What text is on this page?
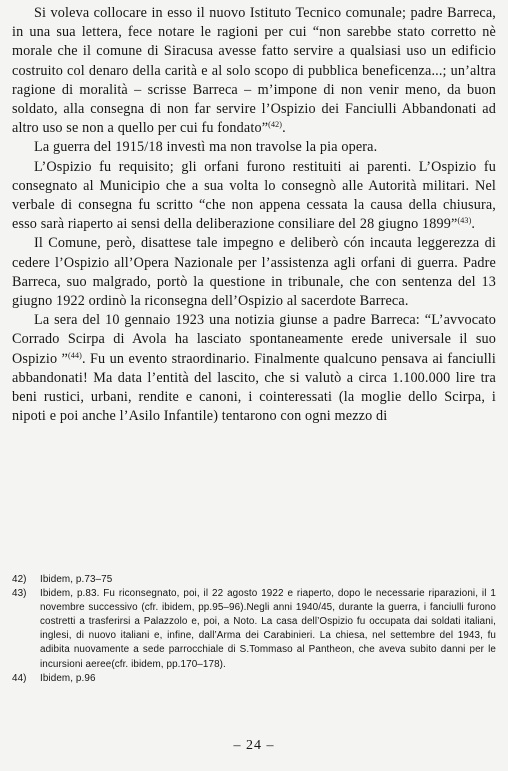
Si voleva collocare in esso il nuovo Istituto Tecnico comunale; padre Barreca, in una sua lettera, fece notare le ragioni per cui “non sarebbe stato corretto nè morale che il comune di Siracusa avesse fatto servire a qualsiasi uso un edificio costruito col denaro della carità e al solo scopo di pubblica beneficenza...; un’altra ragione di moralità – scrisse Barreca – m’impone di non venir meno, da buon soldato, alla consegna di non far servire l’Ospizio dei Fanciulli Abbandonati ad altro uso se non a quello per cui fu fondato”$^{(42)}$.

La guerra del 1915/18 investì ma non travolse la pia opera.

L’Ospizio fu requisito; gli orfani furono restituiti ai parenti. L’Ospizio fu consegnato al Municipio che a sua volta lo consegnò alle Autorità militari. Nel verbale di consegna fu scritto “che non appena cessata la causa della chiusura, esso sarà riaperto ai sensi della deliberazione consiliare del 28 giugno 1899”$^{(43)}$.

Il Comune, però, disattese tale impegno e deliberò cón incauta leggerezza di cedere l’Ospizio all’Opera Nazionale per l’assistenza agli orfani di guerra. Padre Barreca, suo malgrado, portò la questione in tribunale, che con sentenza del 13 giugno 1922 ordinò la riconsegna dell’Ospizio al sacerdote Barreca.

La sera del 10 gennaio 1923 una notizia giunse a padre Barreca: “L’avvocato Corrado Scirpa di Avola ha lasciato spontaneamente erede universale il suo Ospizio ”$^{(44)}$. Fu un evento straordinario. Finalmente qualcuno pensava ai fanciulli abbandonati! Ma data l’entità del lascito, che si valutò a circa 1.100.000 lire tra beni rustici, urbani, rendite e canoni, i cointeressati (la moglie dello Scirpa, i nipoti e poi anche l’Asilo Infantile) tentarono con ogni mezzo di

42)	Ibidem, p.73–75
43)	Ibidem, p.83. Fu riconsegnato, poi, il 22 agosto 1922 e riaperto, dopo le necessarie riparazioni, il 1 novembre successivo (cfr. ibidem, pp.95–96).Negli anni 1940/45, durante la guerra, i fanciulli furono costretti a trasferirsi a Palazzolo e, poi, a Noto. La casa dell’Ospizio fu occupata dai soldati italiani, inglesi, di nuovo italiani e, infine, dall’Arma dei Carabinieri. La chiesa, nel settembre del 1943, fu adibita nuovamente a sede parrocchiale di S.Tommaso al Pantheon, che aveva subito danni per le incursioni aeree(cfr. ibidem, pp.170–178).
44)	Ibidem, p.96
– 24 –
